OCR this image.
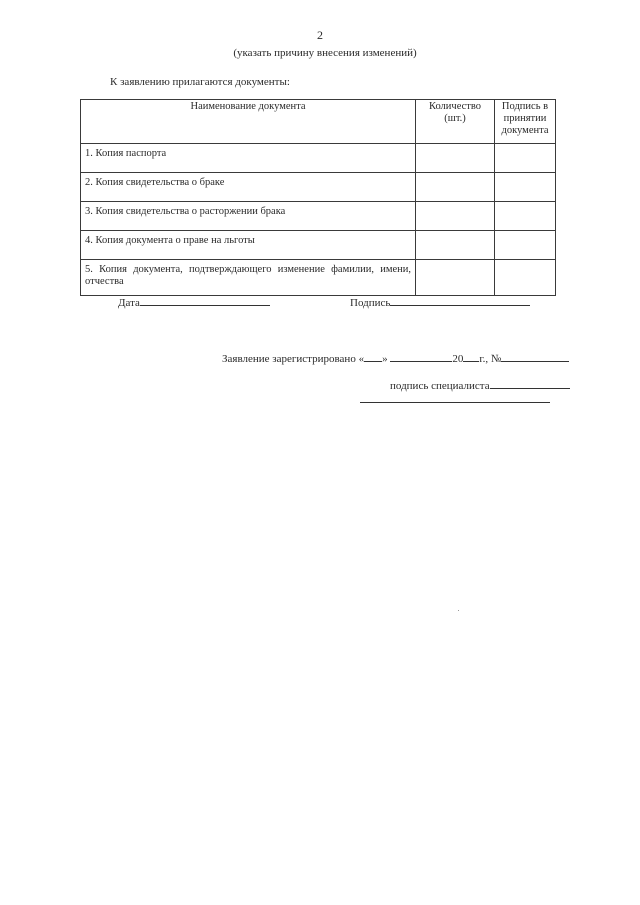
2
(указать причину внесения изменений)
К заявлению прилагаются документы:
Наименование документа	Количество (шт.)	Подпись в принятии документа
1. Копия паспорта		
2. Копия свидетельства о браке		
3. Копия свидетельства о расторжении брака		
4. Копия документа о праве на льготы		
5. Копия документа, подтверждающего изменение фамилии, имени, отчества		
Дата	Подпись
Заявление зарегистрировано « »	20 г., №
подпись специалиста
